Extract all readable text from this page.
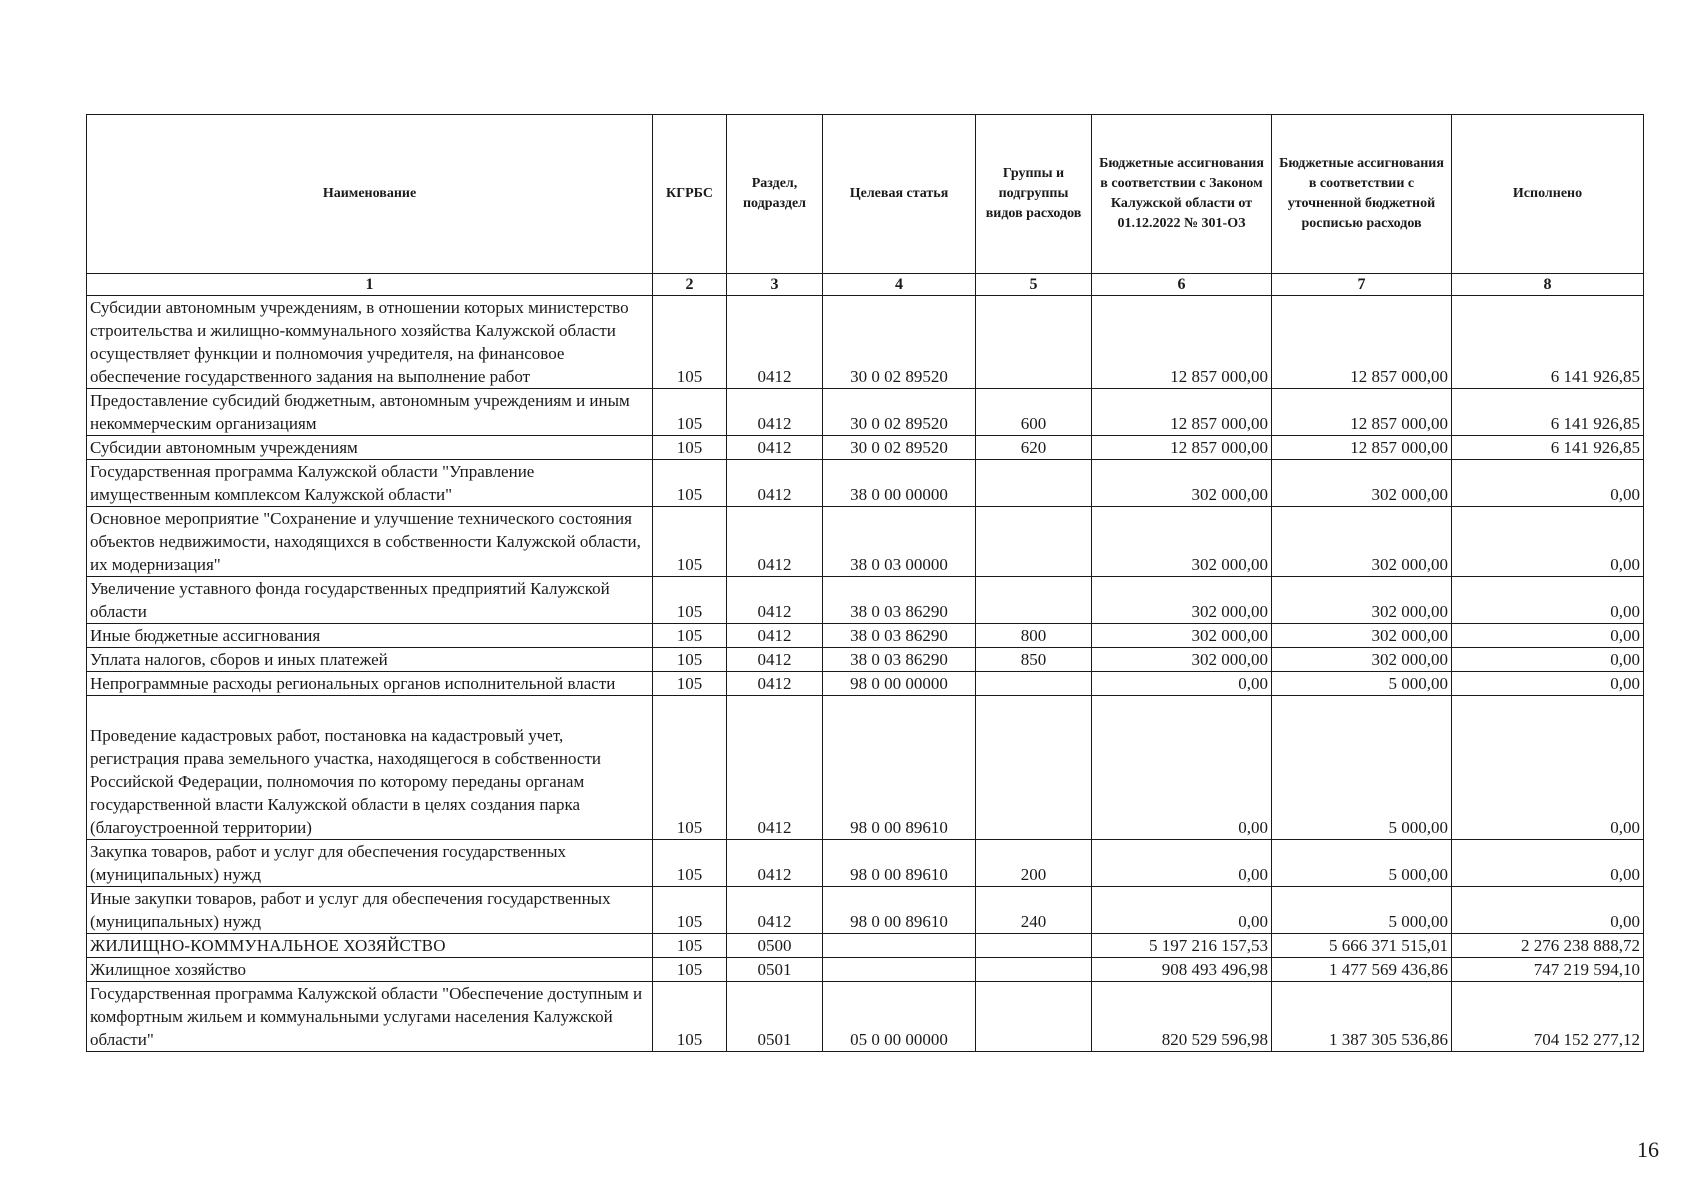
Наименование	КГРБС	Раздел, подраздел	Целевая статья	Группы и подгруппы видов расходов	Бюджетные ассигнования в соответствии с Законом Калужской области от 01.12.2022 № 301-ОЗ	Бюджетные ассигнования в соответствии с уточненной бюджетной росписью расходов	Исполнено
1	2	3	4	5	6	7	8
Субсидии автономным учреждениям, в отношении которых министерство строительства и жилищно-коммунального хозяйства Калужской области осуществляет функции и полномочия учредителя, на финансовое обеспечение государственного задания на выполнение работ	105	0412	30 0 02 89520		12 857 000,00	12 857 000,00	6 141 926,85
Предоставление субсидий бюджетным, автономным учреждениям и иным некоммерческим организациям	105	0412	30 0 02 89520	600	12 857 000,00	12 857 000,00	6 141 926,85
Субсидии автономным учреждениям	105	0412	30 0 02 89520	620	12 857 000,00	12 857 000,00	6 141 926,85
Государственная программа Калужской области "Управление имущественным комплексом Калужской области"	105	0412	38 0 00 00000		302 000,00	302 000,00	0,00
Основное мероприятие "Сохранение и улучшение технического состояния объектов недвижимости, находящихся в собственности Калужской области, их модернизация"	105	0412	38 0 03 00000		302 000,00	302 000,00	0,00
Увеличение уставного фонда государственных предприятий Калужской области	105	0412	38 0 03 86290		302 000,00	302 000,00	0,00
Иные бюджетные ассигнования	105	0412	38 0 03 86290	800	302 000,00	302 000,00	0,00
Уплата налогов, сборов и иных платежей	105	0412	38 0 03 86290	850	302 000,00	302 000,00	0,00
Непрограммные расходы региональных органов исполнительной власти	105	0412	98 0 00 00000		0,00	5 000,00	0,00
Проведение кадастровых работ, постановка на кадастровый учет, регистрация права земельного участка, находящегося в собственности Российской Федерации, полномочия по которому переданы органам государственной власти Калужской области в целях создания парка (благоустроенной территории)	105	0412	98 0 00 89610		0,00	5 000,00	0,00
Закупка товаров, работ и услуг для обеспечения государственных (муниципальных) нужд	105	0412	98 0 00 89610	200	0,00	5 000,00	0,00
Иные закупки товаров, работ и услуг для обеспечения государственных (муниципальных) нужд	105	0412	98 0 00 89610	240	0,00	5 000,00	0,00
ЖИЛИЩНО-КОММУНАЛЬНОЕ ХОЗЯЙСТВО	105	0500			5 197 216 157,53	5 666 371 515,01	2 276 238 888,72
Жилищное хозяйство	105	0501			908 493 496,98	1 477 569 436,86	747 219 594,10
Государственная программа Калужской области "Обеспечение доступным и комфортным жильем и коммунальными услугами населения Калужской области"	105	0501	05 0 00 00000		820 529 596,98	1 387 305 536,86	704 152 277,12
16
